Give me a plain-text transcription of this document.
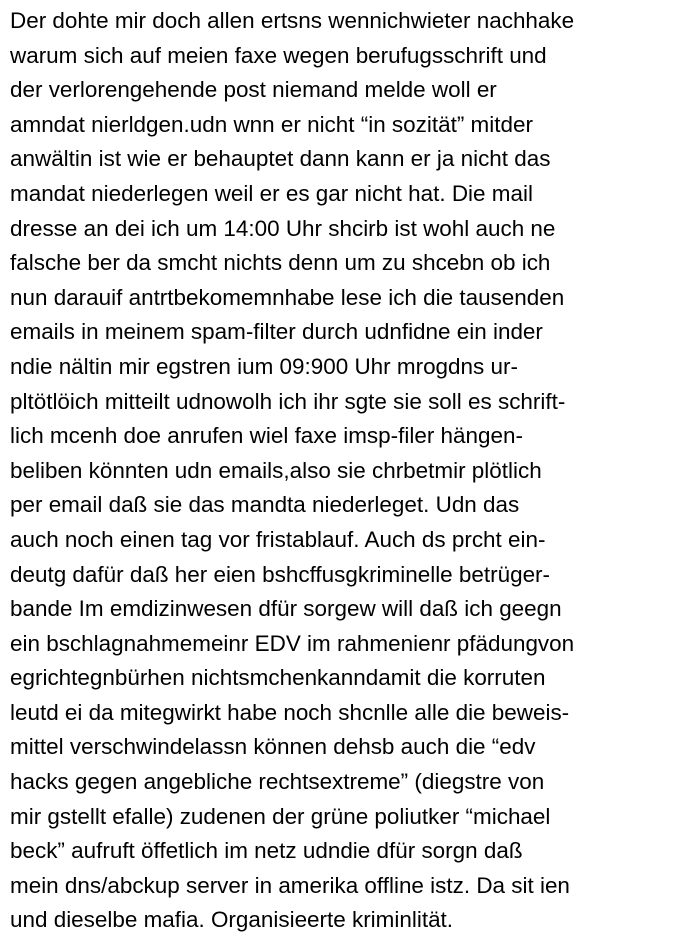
Der dohte mir doch allen ertsns wennichwieter nachhake
warum sich auf meien faxe wegen berufugsschrift und
der verlorengehende post niemand melde woll er
amndat nierldgen.udn wnn er nicht “in sozität” mitder
anwältin ist wie er behauptet dann kann er ja nicht das
mandat niederlegen weil er es gar nicht hat. Die mail
dresse an dei ich um 14:00 Uhr shcirb ist wohl auch ne
falsche ber da smcht nichts denn um zu shcebn ob ich
nun darauif antrtbekomemnhabe lese ich die tausenden
emails in meinem spam-filter durch udnfidne ein inder
ndie nältin mir egstren ium 09:900 Uhr mrogdns ur-
pltötlöich mitteilt udnowolh ich ihr sgte sie soll es schrift-
lich mcenh doe anrufen wiel faxe imsp-filer hängen-
beliben könnten udn emails,also sie chrbetmir plötlich
per email daß sie das mandta niederleget. Udn das
auch noch einen tag vor fristablauf. Auch ds prcht ein-
deutg dafür daß her eien bshcffusgkriminelle betrüger-
bande Im emdizinwesen dfür sorgew will daß ich geegn
ein bschlagnahmemeinr EDV im rahmenienr pfädungvon
egrichtegnbürhen nichtsmchenkanndamit die korruten
leutd ei da mitegwirkt habe noch shcnlle alle die beweis-
mittel verschwindelassn können dehsb auch die “edv
hacks gegen angebliche rechtsextreme” (diegstre von
mir gstellt efalle) zudenen der grüne poliutker “michael
beck” aufruft öffetlich im netz udndie dfür sorgn daß
mein dns/abckup server in amerika offline istz. Da sit ien
und dieselbe mafia. Organisieerte kriminlität.
